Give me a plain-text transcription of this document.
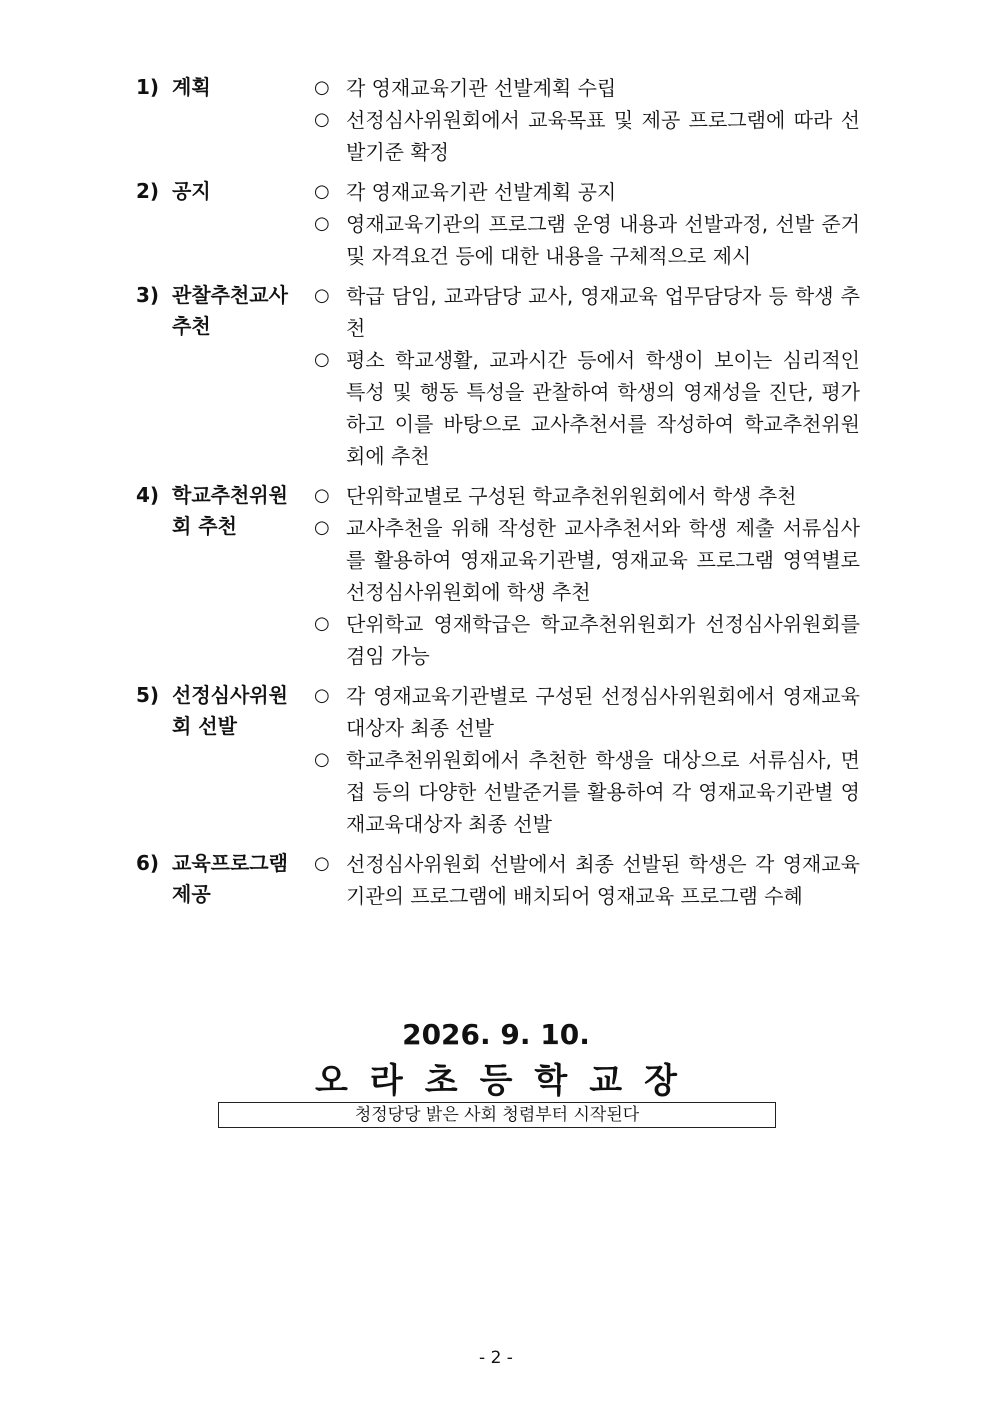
1) 계획	○ 각 영재교육기관 선발계획 수립
○ 선정심사위원회에서 교육목표 및 제공 프로그램에 따라 선발기준 확정
2) 공지	○ 각 영재교육기관 선발계획 공지
○ 영재교육기관의 프로그램 운영 내용과 선발과정, 선발 준거 및 자격요건 등에 대한 내용을 구체적으로 제시
3) 관찰추천교사 추천
○ 학급 담임, 교과담당 교사, 영재교육 업무담당자 등 학생 추천
○ 평소 학교생활, 교과시간 등에서 학생이 보이는 심리적인 특성 및 행동 특성을 관찰하여 학생의 영재성을 진단, 평가하고 이를 바탕으로 교사추천서를 작성하여 학교추천위원회에 추천
4) 학교추천위원회 추천
○ 단위학교별로 구성된 학교추천위원회에서 학생 추천
○ 교사추천을 위해 작성한 교사추천서와 학생 제출 서류심사를 활용하여 영재교육기관별, 영재교육 프로그램 영역별로 선정심사위원회에 학생 추천
○ 단위학교 영재학급은 학교추천위원회가 선정심사위원회를 겸임 가능
5) 선정심사위원회 선발
○ 각 영재교육기관별로 구성된 선정심사위원회에서 영재교육대상자 최종 선발
○ 학교추천위원회에서 추천한 학생을 대상으로 서류심사, 면접 등의 다양한 선발준거를 활용하여 각 영재교육기관별 영재교육대상자 최종 선발
6) 교육프로그램 제공
○ 선정심사위원회 선발에서 최종 선발된 학생은 각 영재교육기관의 프로그램에 배치되어 영재교육 프로그램 수혜
2026. 9. 10.
오라초등학교장
청정당당 밝은 사회 청렴부터 시작된다
- 2 -
